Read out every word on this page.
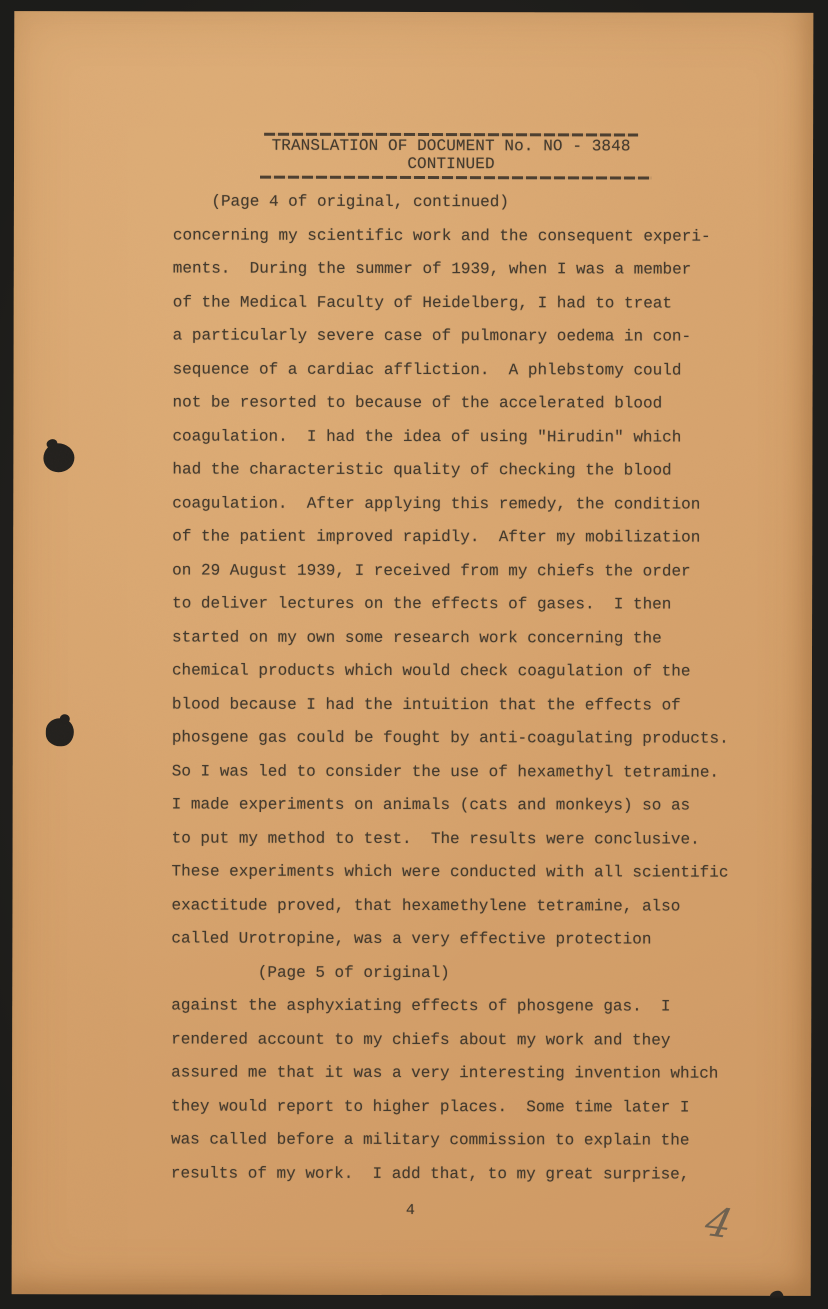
TRANSLATION OF DOCUMENT No. NO - 3848
CONTINUED
(Page 4 of original, continued)
concerning my scientific work and the consequent experi-
ments.  During the summer of 1939, when I was a member
of the Medical Faculty of Heidelberg, I had to treat
a particularly severe case of pulmonary oedema in con-
sequence of a cardiac affliction.  A phlebstomy could
not be resorted to because of the accelerated blood
coagulation.  I had the idea of using "Hirudin" which
had the characteristic quality of checking the blood
coagulation.  After applying this remedy, the condition
of the patient improved rapidly.  After my mobilization
on 29 August 1939, I received from my chiefs the order
to deliver lectures on the effects of gases.  I then
started on my own some research work concerning the
chemical products which would check coagulation of the
blood because I had the intuition that the effects of
phosgene gas could be fought by anti-coagulating products.
So I was led to consider the use of hexamethyl tetramine.
I made experiments on animals (cats and monkeys) so as
to put my method to test.  The results were conclusive.
These experiments which were conducted with all scientific
exactitude proved, that hexamethylene tetramine, also
called Urotropine, was a very effective protection
(Page 5 of original)
against the asphyxiating effects of phosgene gas.  I
rendered account to my chiefs about my work and they
assured me that it was a very interesting invention which
they would report to higher places.  Some time later I
was called before a military commission to explain the
results of my work.  I add that, to my great surprise,
4	4
